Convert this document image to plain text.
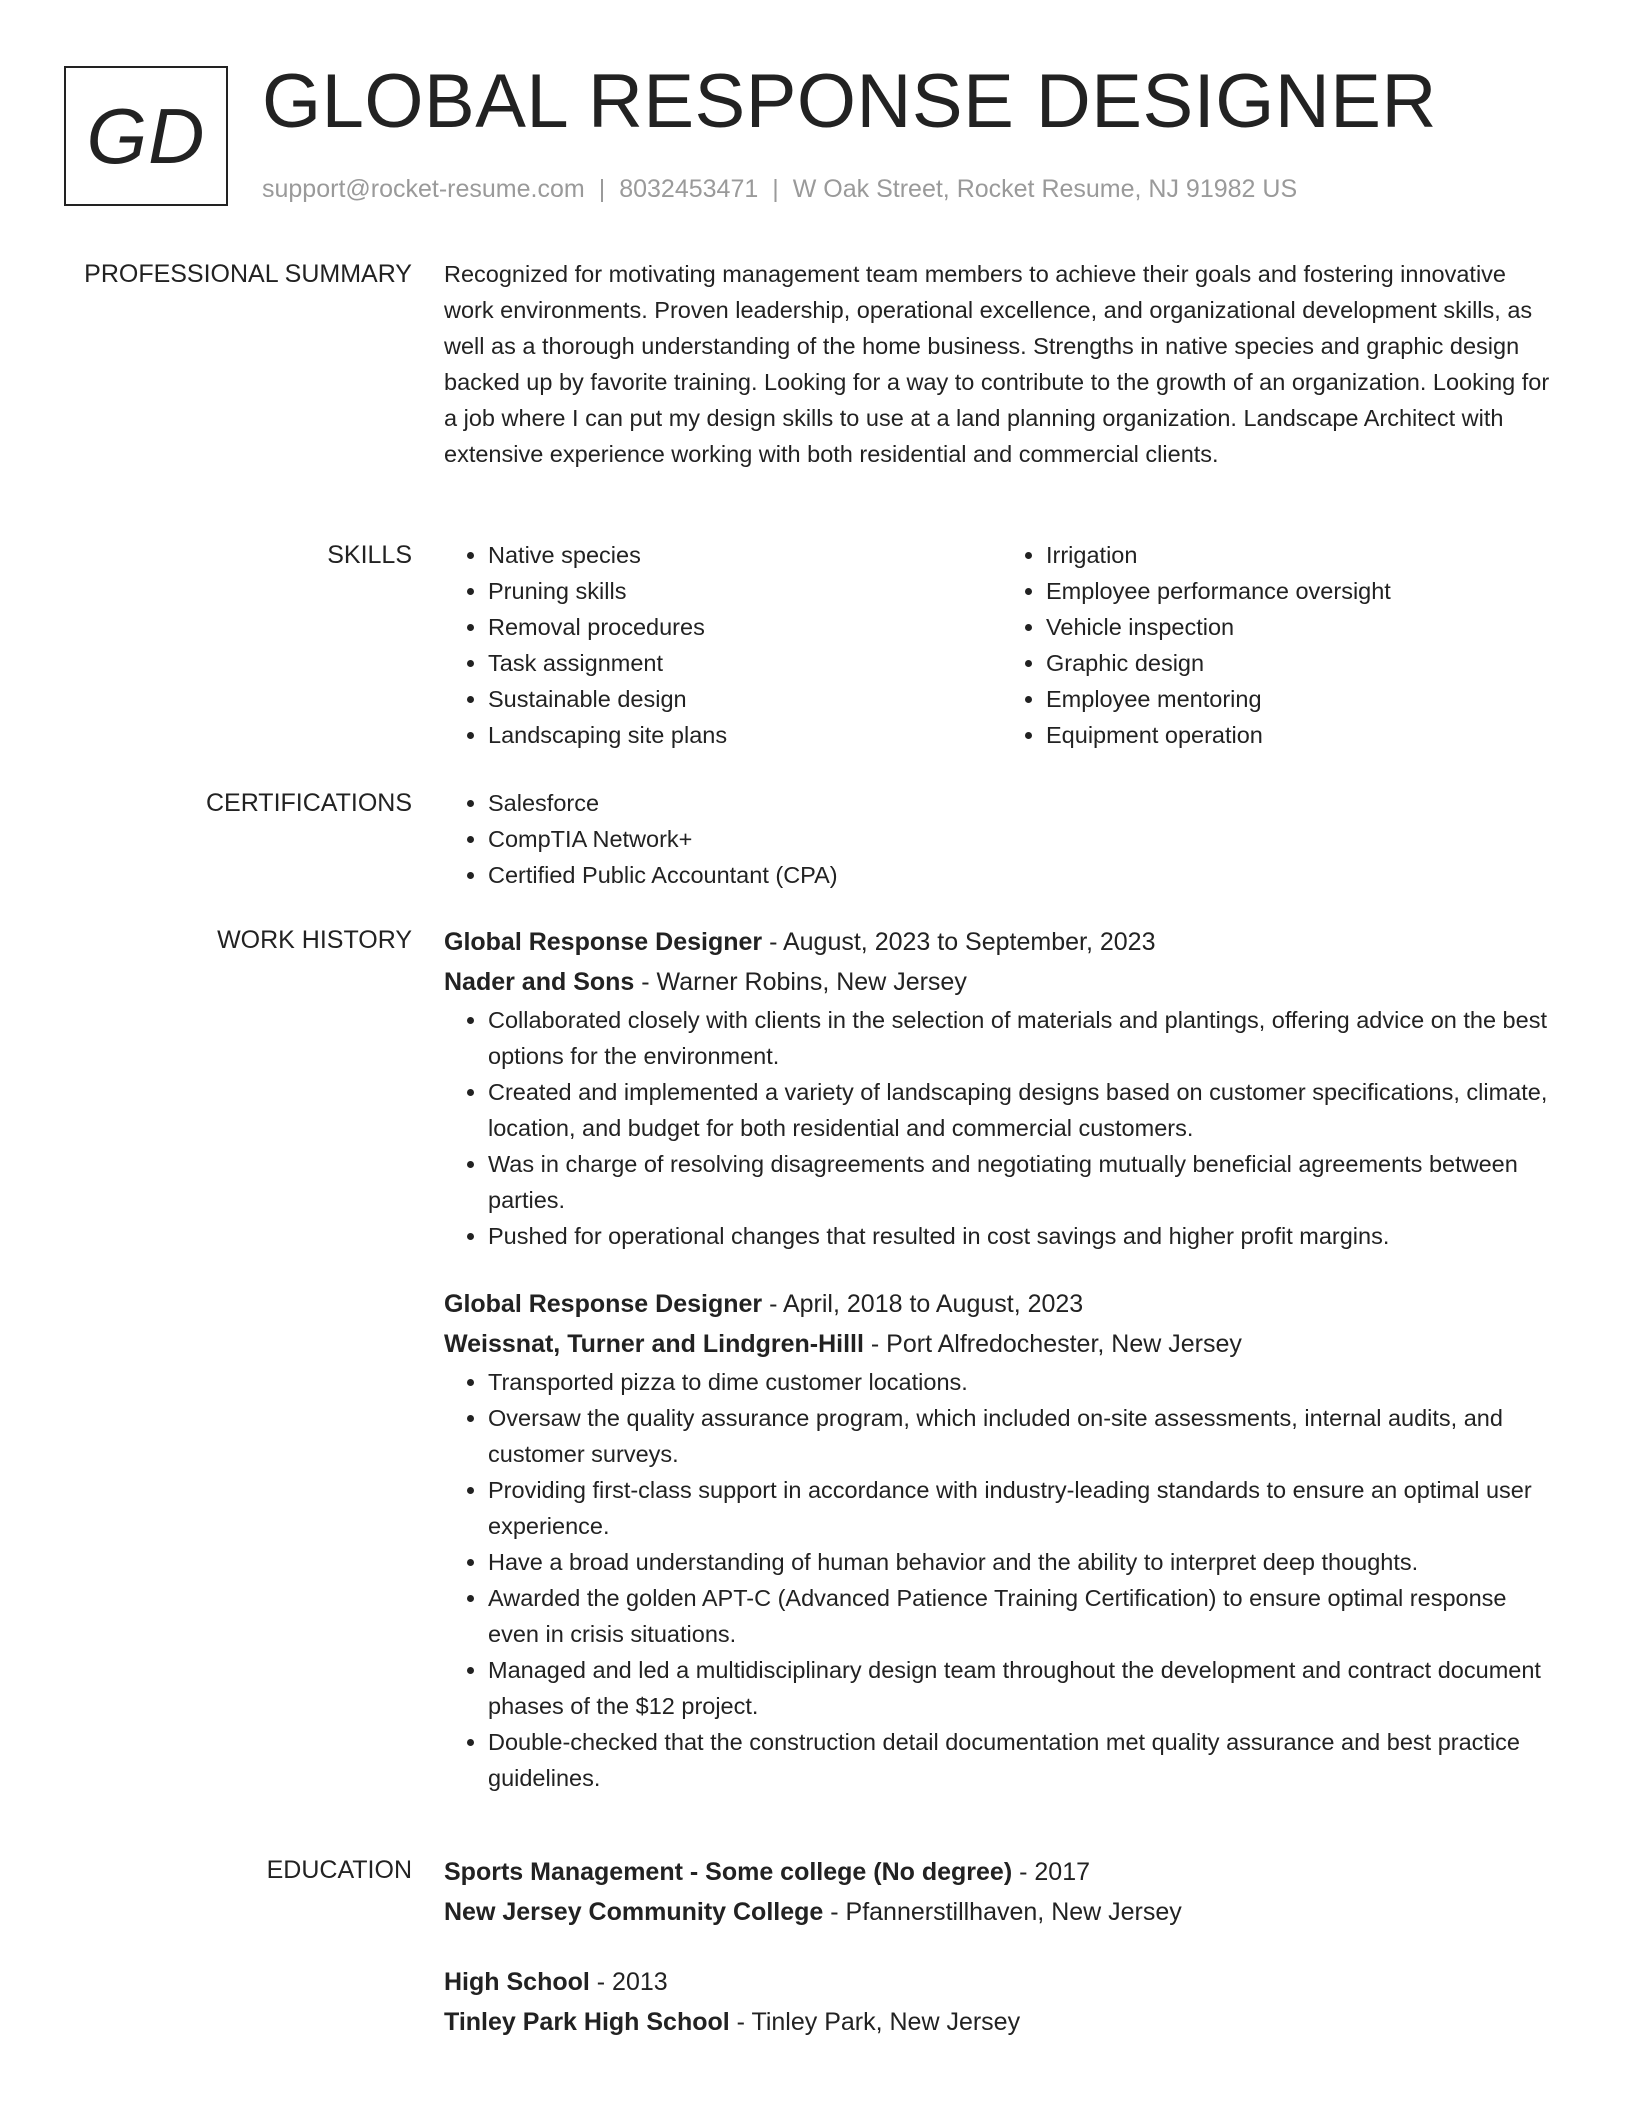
GD GLOBAL RESPONSE DESIGNER
support@rocket-resume.com | 8032453471 | W Oak Street, Rocket Resume, NJ 91982 US
PROFESSIONAL SUMMARY Recognized for motivating management team members to achieve their goals and fostering innovative work environments. Proven leadership, operational excellence, and organizational development skills, as well as a thorough understanding of the home business. Strengths in native species and graphic design backed up by favorite training. Looking for a way to contribute to the growth of an organization. Looking for a job where I can put my design skills to use at a land planning organization. Landscape Architect with extensive experience working with both residential and commercial clients.

SKILLS	• Native species
• Pruning skills
• Removal procedures
• Task assignment
• Sustainable design
• Landscaping site plans
• Irrigation
• Employee performance oversight
• Vehicle inspection
• Graphic design
• Employee mentoring
• Equipment operation
CERTIFICATIONS	• Salesforce
• CompTIA Network+
• Certified Public Accountant (CPA)
WORK HISTORY Global Response Designer - August, 2023 to September, 2023
Nader and Sons - Warner Robins, New Jersey
• Collaborated closely with clients in the selection of materials and plantings, offering advice on the best options for the environment.
• Created and implemented a variety of landscaping designs based on customer specifications, climate, location, and budget for both residential and commercial customers.
• Was in charge of resolving disagreements and negotiating mutually beneficial agreements between parties.
• Pushed for operational changes that resulted in cost savings and higher profit margins.
Global Response Designer - April, 2018 to August, 2023
Weissnat, Turner and Lindgren-Hilll - Port Alfredochester, New Jersey
• Transported pizza to dime customer locations.
• Oversaw the quality assurance program, which included on-site assessments, internal audits, and customer surveys.
• Providing first-class support in accordance with industry-leading standards to ensure an optimal user experience.
• Have a broad understanding of human behavior and the ability to interpret deep thoughts.
• Awarded the golden APT-C (Advanced Patience Training Certification) to ensure optimal response even in crisis situations.
• Managed and led a multidisciplinary design team throughout the development and contract document phases of the $12 project.
• Double-checked that the construction detail documentation met quality assurance and best practice guidelines.
EDUCATION Sports Management - Some college (No degree) - 2017
New Jersey Community College - Pfannerstillhaven, New Jersey
High School - 2013
Tinley Park High School - Tinley Park, New Jersey
